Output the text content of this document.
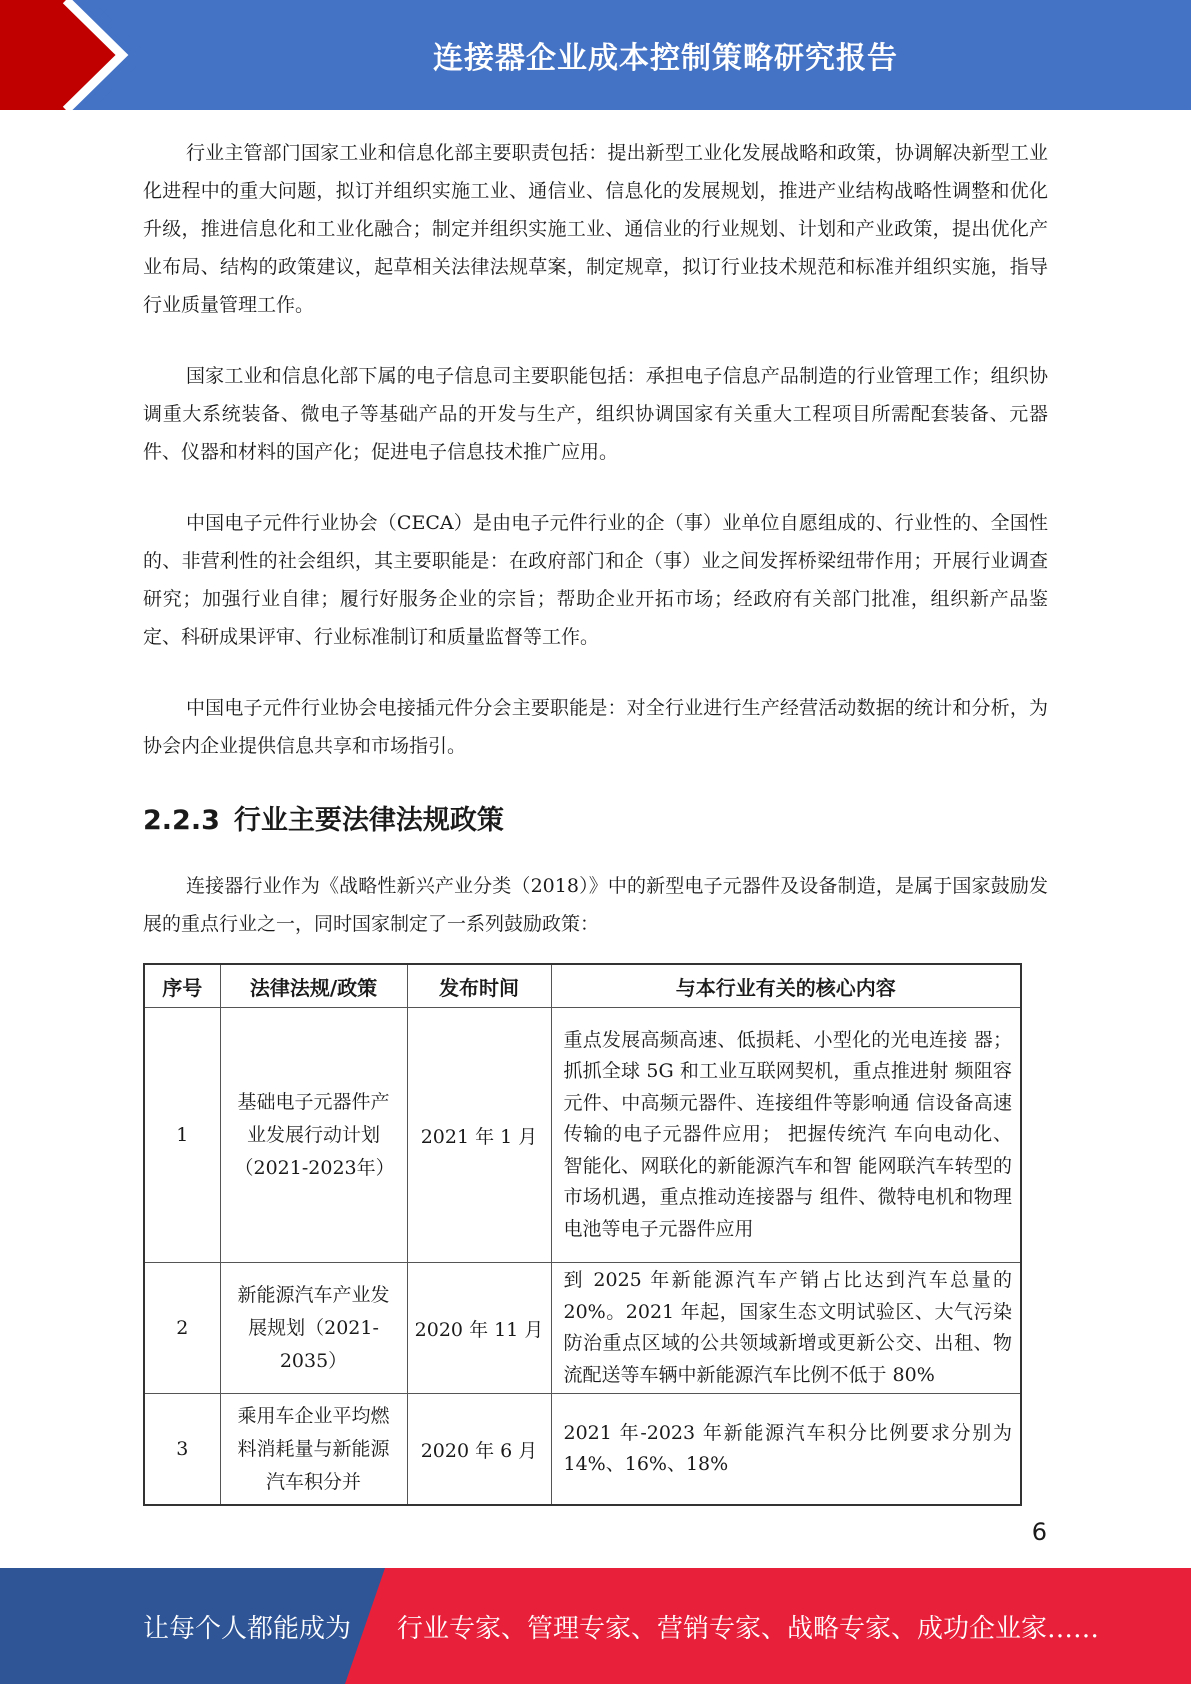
连接器企业成本控制策略研究报告

行业主管部门国家工业和信息化部主要职责包括：提出新型工业化发展战略和政策，协调解决新型工业化进程中的重大问题，拟订并组织实施工业、通信业、信息化的发展规划，推进产业结构战略性调整和优化升级，推进信息化和工业化融合；制定并组织实施工业、通信业的行业规划、计划和产业政策，提出优化产业布局、结构的政策建议，起草相关法律法规草案，制定规章，拟订行业技术规范和标准并组织实施，指导行业质量管理工作。

国家工业和信息化部下属的电子信息司主要职能包括：承担电子信息产品制造的行业管理工作；组织协调重大系统装备、微电子等基础产品的开发与生产，组织协调国家有关重大工程项目所需配套装备、元器件、仪器和材料的国产化；促进电子信息技术推广应用。

中国电子元件行业协会（CECA）是由电子元件行业的企（事）业单位自愿组成的、行业性的、全国性的、非营利性的社会组织，其主要职能是：在政府部门和企（事）业之间发挥桥梁纽带作用；开展行业调查研究；加强行业自律；履行好服务企业的宗旨；帮助企业开拓市场；经政府有关部门批准，组织新产品鉴定、科研成果评审、行业标准制订和质量监督等工作。

中国电子元件行业协会电接插元件分会主要职能是：对全行业进行生产经营活动数据的统计和分析，为协会内企业提供信息共享和市场指引。

2.2.3 行业主要法律法规政策

连接器行业作为《战略性新兴产业分类（2018）》中的新型电子元器件及设备制造，是属于国家鼓励发展的重点行业之一，同时国家制定了一系列鼓励政策：

序号	法律法规/政策	发布时间	与本行业有关的核心内容
1	基础电子元器件产业发展行动计划（2021-2023年）	2021 年 1 月	重点发展高频高速、低损耗、小型化的光电连接 器；抓抓全球 5G 和工业互联网契机，重点推进射 频阻容元件、中高频元器件、连接组件等影响通 信设备高速传输的电子元器件应用； 把握传统汽 车向电动化、智能化、网联化的新能源汽车和智 能网联汽车转型的市场机遇，重点推动连接器与 组件、微特电机和物理电池等电子元器件应用
2	新能源汽车产业发展规划（2021-2035）	2020 年 11 月	到 2025 年新能源汽车产销占比达到汽车总量的 20%。2021 年起，国家生态文明试验区、大气污染防治重点区域的公共领域新增或更新公交、出租、物流配送等车辆中新能源汽车比例不低于 80%
3	乘用车企业平均燃料消耗量与新能源汽车积分并	2020 年 6 月	2021 年-2023 年新能源汽车积分比例要求分别为 14%、16%、18%
6
让每个人都能成为 行业专家、管理专家、营销专家、战略专家、成功企业家……
